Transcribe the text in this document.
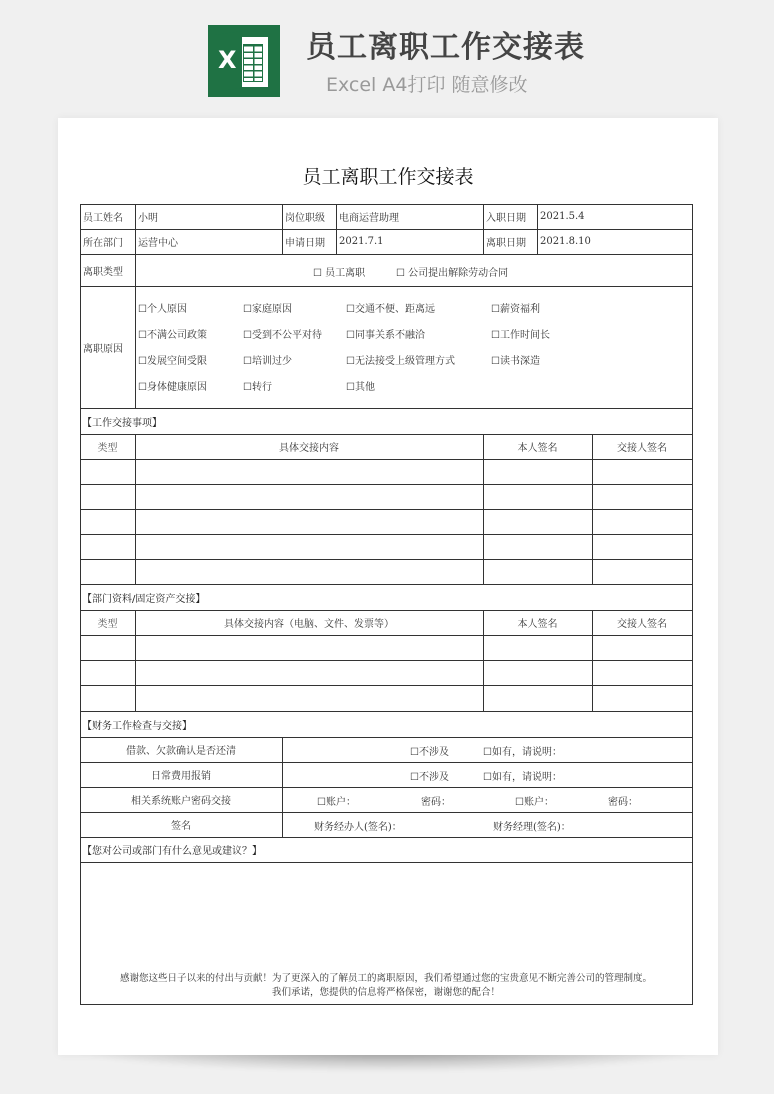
X 员工离职工作交接表
Excel A4打印 随意修改
员工离职工作交接表
员工姓名	小明	岗位职级	电商运营助理	入职日期	2021.5.4
所在部门	运营中心	申请日期	2021.7.1	离职日期	2021.8.10
离职类型	☐ 员工离职	☐ 公司提出解除劳动合同
离职原因
☐个人原因	☐家庭原因	☐交通不便、距离远	☐薪资福利
☐不满公司政策	☐受到不公平对待 ☐同事关系不融洽	☐工作时间长
☐发展空间受限	☐培训过少	☐无法接受上级管理方式	☐读书深造
☐身体健康原因	☐转行	☐其他
【工作交接事项】
类型	具体交接内容	本人签名	交接人签名
【部门资料/固定资产交接】
类型	具体交接内容（电脑、文件、发票等）	本人签名	交接人签名
【财务工作检查与交接】
借款、欠款确认是否还清	☐不涉及	☐如有，请说明：
日常费用报销	☐不涉及	☐如有，请说明：
相关系统账户密码交接	☐账户：	密码：	☐账户：	密码：
签名	财务经办人(签名)：	财务经理(签名)：
【您对公司或部门有什么意见或建议？】
感谢您这些日子以来的付出与贡献！为了更深入的了解员工的离职原因，我们希望通过您的宝贵意见不断完善公司的管理制度。
我们承诺，您提供的信息将严格保密，谢谢您的配合！
